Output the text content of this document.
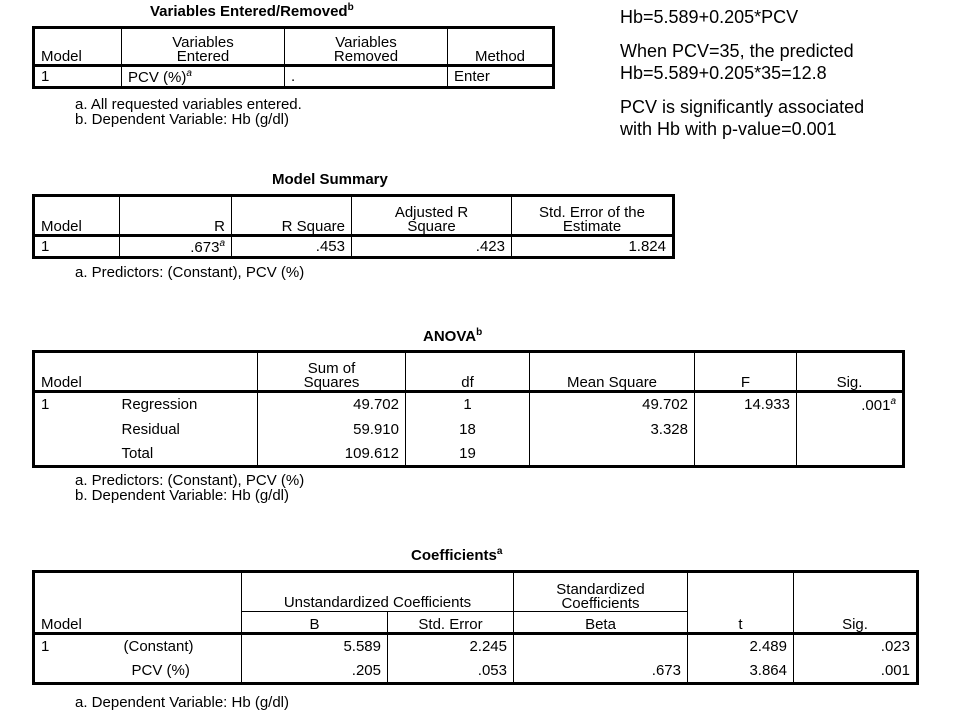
Hb=5.589+0.205*PCV
When PCV=35, the predicted
Hb=5.589+0.205*35=12.8
PCV is significantly associated
with Hb with p-value=0.001
Variables Entered/Removed$^b$
Model	Variables Entered	Variables Removed	Method
1	PCV (%)$^a$	.	Enter
a. All requested variables entered.
b. Dependent Variable: Hb (g/dl)
Model Summary
Model	R	R Square	Adjusted R Square	Std. Error of the Estimate
1	.673$^a$	.453	.423	1.824
a. Predictors: (Constant), PCV (%)
ANOVA$^b$
Model		Sum of Squares	df	Mean Square	F	Sig.
1	Regression	49.702	1	49.702	14.933	.001$^a$
	Residual	59.910	18	3.328		
	Total	109.612	19			
a. Predictors: (Constant), PCV (%)
b. Dependent Variable: Hb (g/dl)
Coefficients$^a$
		Unstandardized Coefficients		Standardized Coefficients		
Model		B	Std. Error	Beta	t	Sig.
1	(Constant)	5.589	2.245		2.489	.023
	PCV (%)	.205	.053	.673	3.864	.001
a. Dependent Variable: Hb (g/dl)
